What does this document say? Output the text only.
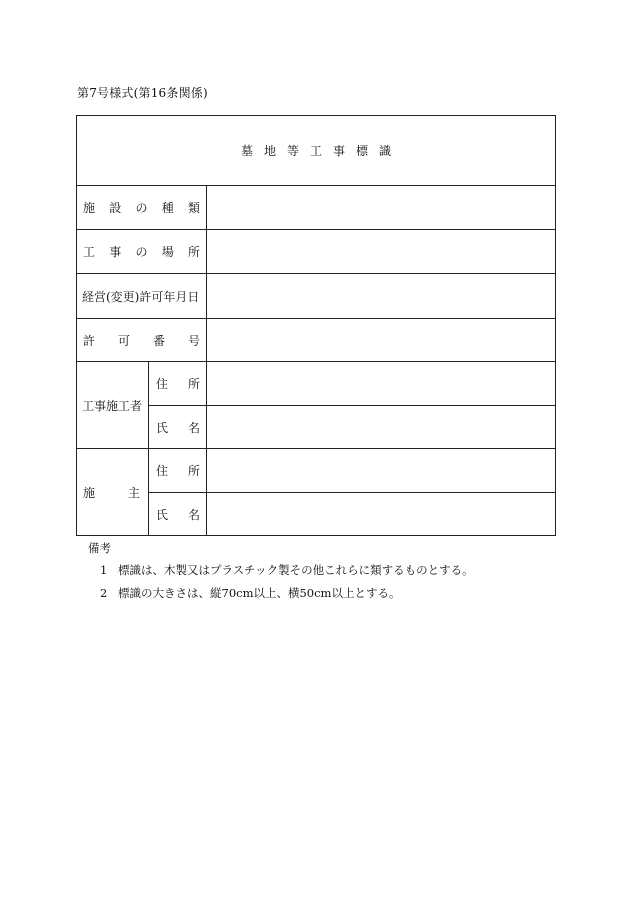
第7号様式(第16条関係)
墓地等工事標識
施 設 の 種 類
工 事 の 場 所
経営(変更)許可年月日
許 可 番 号
工事施工者
住 所
氏 名
施	主
住 所
氏 名
備考
1 標識は、木製又はプラスチック製その他これらに類するものとする。
2 標識の大きさは、縦70cm以上、横50cm以上とする。
